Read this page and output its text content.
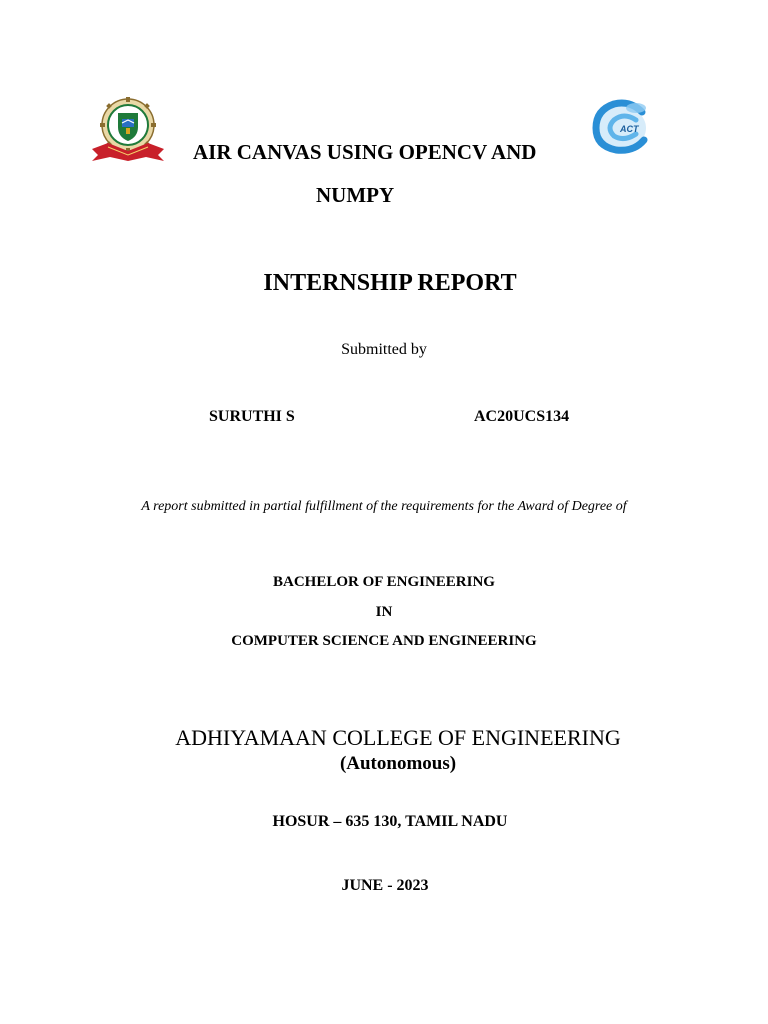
ACT
AIR CANVAS USING OPENCV AND
NUMPY
INTERNSHIP REPORT
Submitted by
SURUTHI S	AC20UCS134
A report submitted in partial fulfillment of the requirements for the Award of Degree of
BACHELOR OF ENGINEERING
IN
COMPUTER SCIENCE AND ENGINEERING
ADHIYAMAAN COLLEGE OF ENGINEERING
(Autonomous)
HOSUR – 635 130, TAMIL NADU
JUNE - 2023
